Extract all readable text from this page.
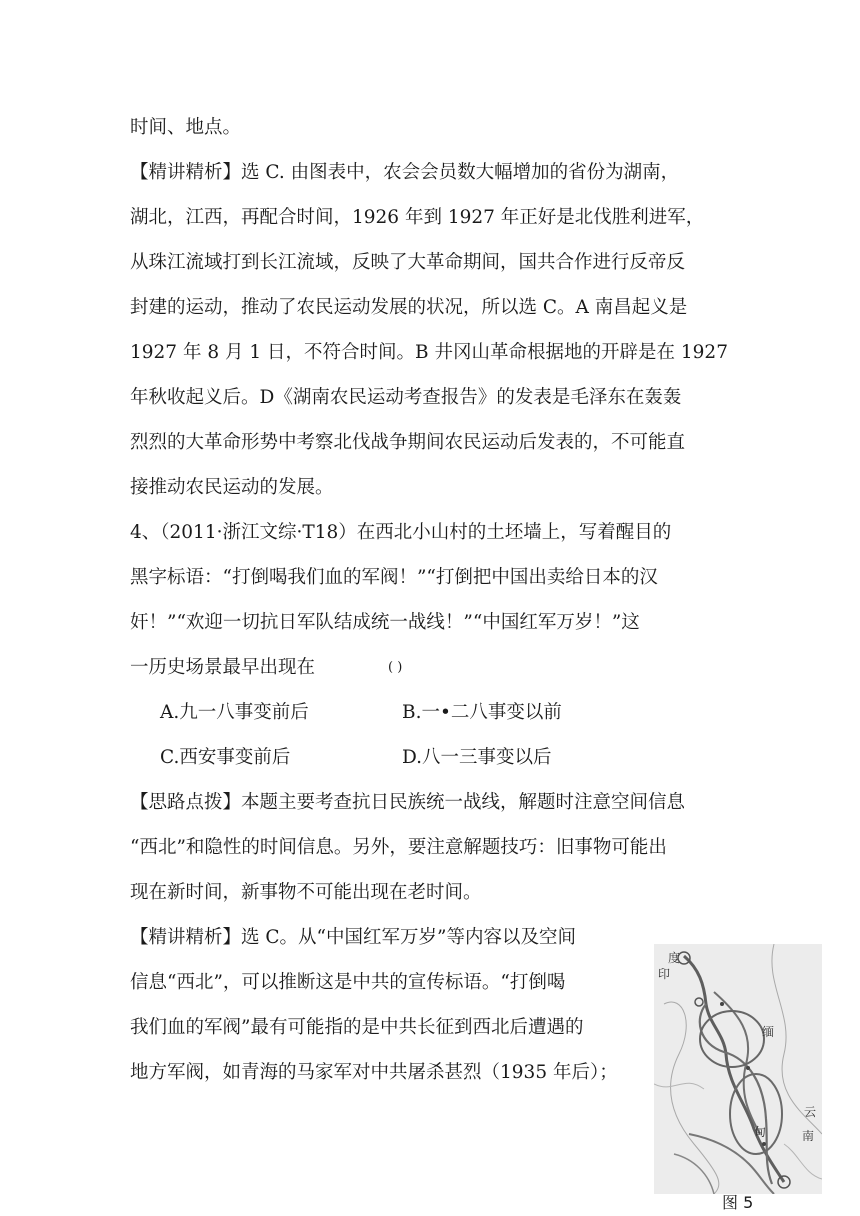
时间、地点。
【精讲精析】选 C. 由图表中，农会会员数大幅增加的省份为湖南，
湖北，江西，再配合时间，1926 年到 1927 年正好是北伐胜利进军，
从珠江流域打到长江流域，反映了大革命期间，国共合作进行反帝反
封建的运动，推动了农民运动发展的状况，所以选 C。A 南昌起义是
1927 年 8 月 1 日，不符合时间。B 井冈山革命根据地的开辟是在 1927
年秋收起义后。D《湖南农民运动考查报告》的发表是毛泽东在轰轰
烈烈的大革命形势中考察北伐战争期间农民运动后发表的，不可能直
接推动农民运动的发展。
4、（2011·浙江文综·T18）在西北小山村的土坯墙上，写着醒目的
黑字标语：“打倒喝我们血的军阀！”“打倒把中国出卖给日本的汉
奸！”“欢迎一切抗日军队结成统一战线！”“中国红军万岁！”这
一历史场景最早出现在	( )
A.九一八事变前后	B.一•二八事变以前
C.西安事变前后	D.八一三事变以后
【思路点拨】本题主要考查抗日民族统一战线，解题时注意空间信息
“西北”和隐性的时间信息。另外，要注意解题技巧：旧事物可能出
现在新时间，新事物不可能出现在老时间。
【精讲精析】选 C。从“中国红军万岁”等内容以及空间
信息“西北”，可以推断这是中共的宣传标语。“打倒喝
我们血的军阀”最有可能指的是中共长征到西北后遭遇的
地方军阀，如青海的马家军对中共屠杀甚烈（1935 年后）；
缅
云
南
甸
度
印
图 5
